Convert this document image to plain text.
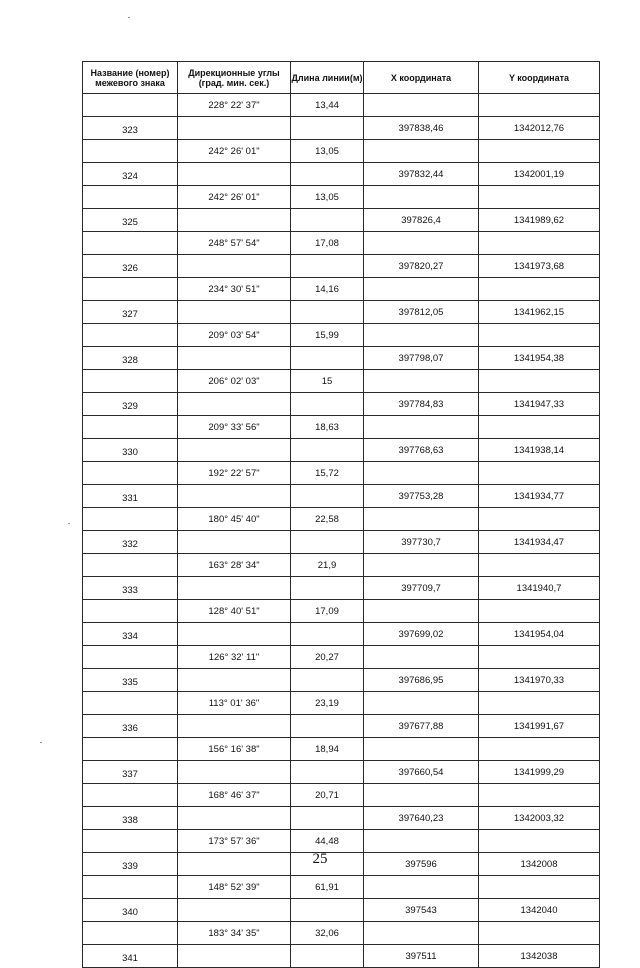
Название (номер) межевого знака	Дирекционные углы (град. мин. сек.)	Длина линии(м)	X координата	Y координата
	228° 22' 37"	13,44		
323			397838,46	1342012,76
	242° 26' 01"	13,05		
324			397832,44	1342001,19
	242° 26' 01"	13,05		
325			397826,4	1341989,62
	248° 57' 54"	17,08		
326			397820,27	1341973,68
	234° 30' 51"	14,16		
327			397812,05	1341962,15
	209° 03' 54"	15,99		
328			397798,07	1341954,38
	206° 02' 03"	15		
329			397784,83	1341947,33
	209° 33' 56"	18,63		
330			397768,63	1341938,14
	192° 22' 57"	15,72		
331			397753,28	1341934,77
	180° 45' 40"	22,58		
332			397730,7	1341934,47
	163° 28' 34"	21,9		
333			397709,7	1341940,7
	128° 40' 51"	17,09		
334			397699,02	1341954,04
	126° 32' 11"	20,27		
335			397686,95	1341970,33
	113° 01' 36"	23,19		
336			397677,88	1341991,67
	156° 16' 38"	18,94		
337			397660,54	1341999,29
	168° 46' 37"	20,71		
338			397640,23	1342003,32
	173° 57' 36"	44,48		
339			397596	1342008
	148° 52' 39"	61,91		
340			397543	1342040
	183° 34' 35"	32,06		
341			397511	1342038
25
